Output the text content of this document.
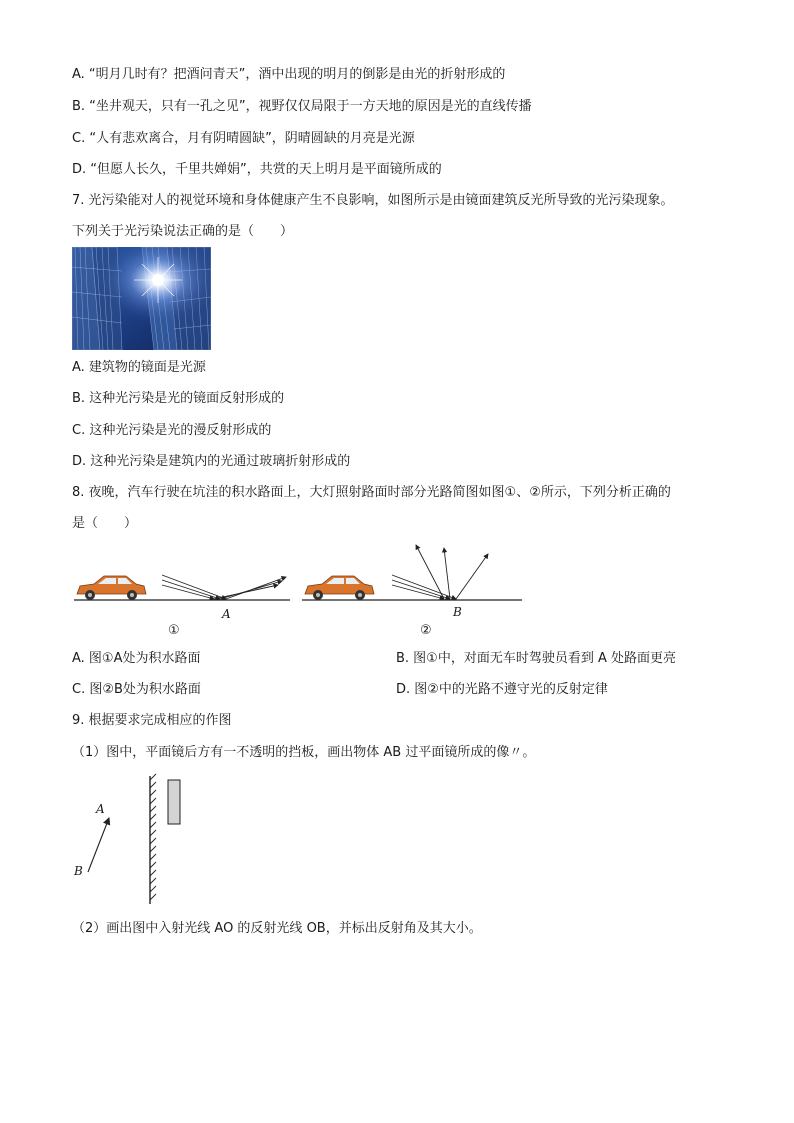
A. “明月几时有？把酒问青天”，酒中出现的明月的倒影是由光的折射形成的
B. “坐井观天，只有一孔之见”，视野仅仅局限于一方天地的原因是光的直线传播
C. “人有悲欢离合，月有阴晴圆缺”，阴晴圆缺的月亮是光源
D. “但愿人长久，千里共婵娟”，共赏的天上明月是平面镜所成的
7. 光污染能对人的视觉环境和身体健康产生不良影响，如图所示是由镜面建筑反光所导致的光污染现象。
下列关于光污染说法正确的是（　　）
A. 建筑物的镜面是光源
B. 这种光污染是光的镜面反射形成的
C. 这种光污染是光的漫反射形成的
D. 这种光污染是建筑内的光通过玻璃折射形成的
8. 夜晚，汽车行驶在坑洼的积水路面上，大灯照射路面时部分光路简图如图①、②所示，下列分析正确的
是（　　）
A
①
B
②
A. 图①A处为积水路面	B. 图①中，对面无车时驾驶员看到 A 处路面更亮
C. 图②B处为积水路面	D. 图②中的光路不遵守光的反射定律
9. 根据要求完成相应的作图
（1）图中，平面镜后方有一不透明的挡板，画出物体 AB 过平面镜所成的像〃。
A
B
（2）画出图中入射光线 AO 的反射光线 OB，并标出反射角及其大小。
